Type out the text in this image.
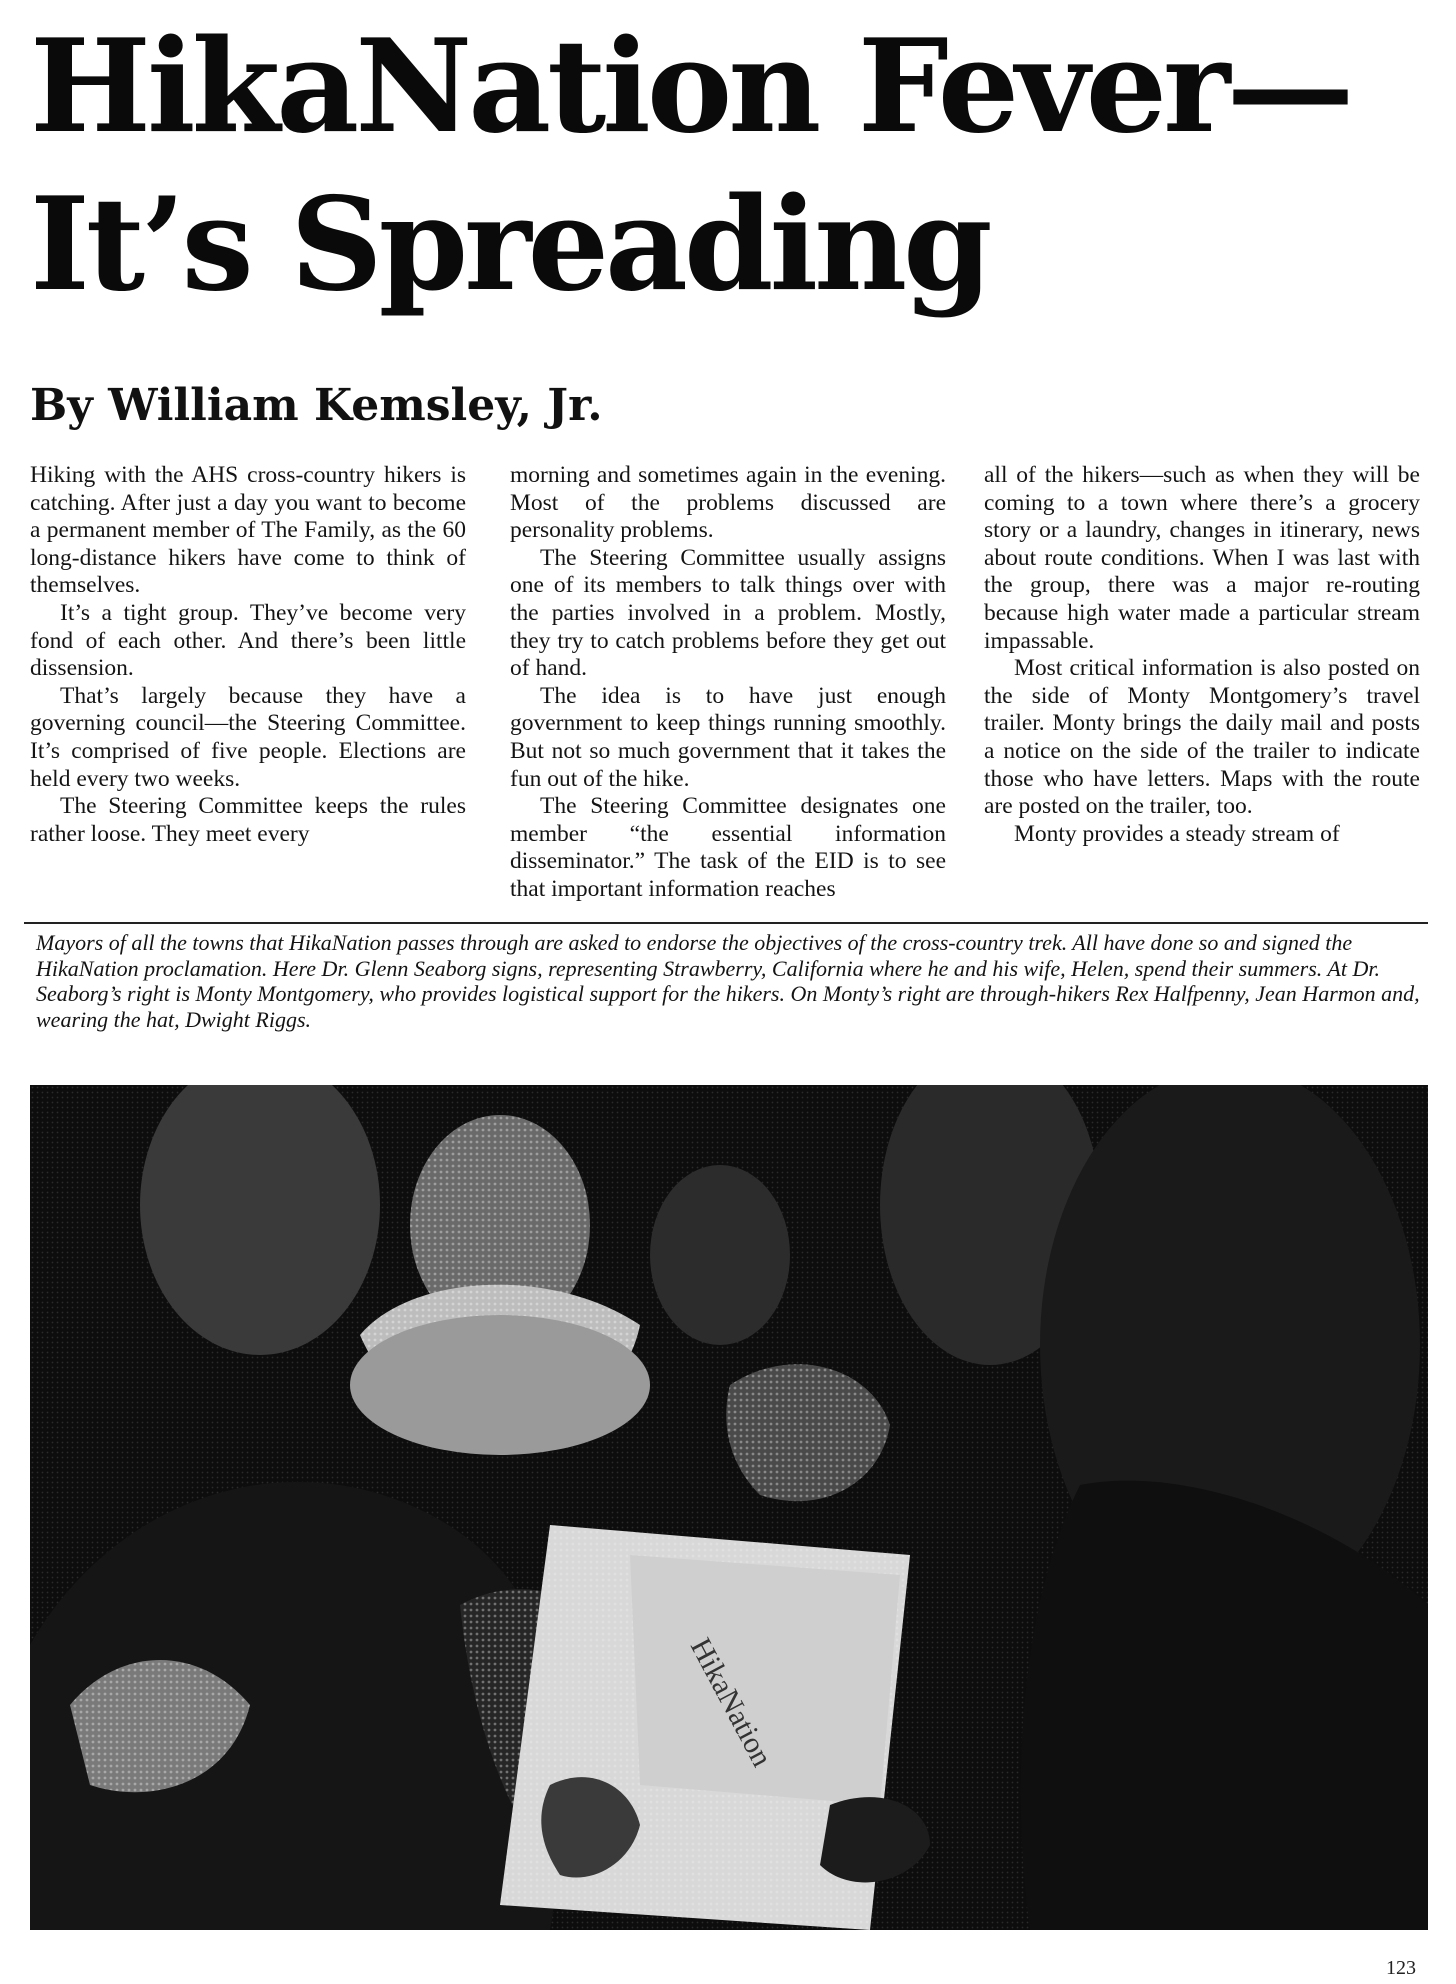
HikaNation Fever—
It’s Spreading
By William Kemsley, Jr.

Hiking with the AHS cross-country hikers is catching. After just a day you want to become a permanent member of The Family, as the 60 long-distance hikers have come to think of themselves.

It’s a tight group. They’ve become very fond of each other. And there’s been little dissension.

That’s largely because they have a governing council—the Steering Committee. It’s comprised of five people. Elections are held every two weeks.

The Steering Committee keeps the rules rather loose. They meet every

morning and sometimes again in the evening. Most of the problems discussed are personality problems.

The Steering Committee usually assigns one of its members to talk things over with the parties involved in a problem. Mostly, they try to catch problems before they get out of hand.

The idea is to have just enough government to keep things running smoothly. But not so much government that it takes the fun out of the hike.

The Steering Committee designates one member “the essential information disseminator.” The task of the EID is to see that important information reaches

all of the hikers—such as when they will be coming to a town where there’s a grocery story or a laundry, changes in itinerary, news about route conditions. When I was last with the group, there was a major re-routing because high water made a particular stream impassable.

Most critical information is also posted on the side of Monty Montgomery’s travel trailer. Monty brings the daily mail and posts a notice on the side of the trailer to indicate those who have letters. Maps with the route are posted on the trailer, too.

Monty provides a steady stream of

Mayors of all the towns that HikaNation passes through are asked to endorse the objectives of the cross-country trek. All have done so and signed the HikaNation proclamation. Here Dr. Glenn Seaborg signs, representing Strawberry, California where he and his wife, Helen, spend their summers. At Dr. Seaborg’s right is Monty Montgomery, who provides logistical support for the hikers. On Monty’s right are through-hikers Rex Halfpenny, Jean Harmon and, wearing the hat, Dwight Riggs.

HikaNation
123
